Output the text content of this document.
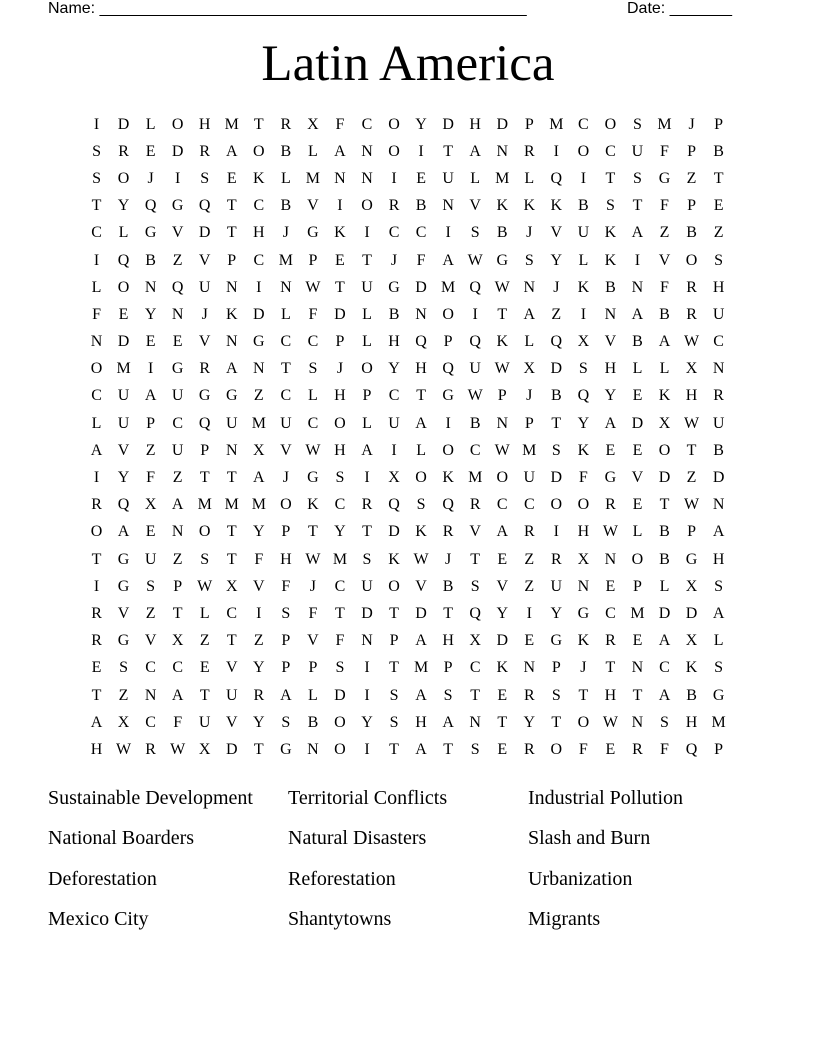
Name: ________________________________________________	Date: _______
Latin America
I	D	L	O H M T	R X	F	C O Y D H D	P M C O	S M	J	P
S	R	E	D R A O B	L	A N O	I	T	A N R	I	O C U	F	P	B
S	O	J	I	S	E	K	L M N N	I	E	U	L M L	Q	I	T	S	G	Z	T
T	Y Q G Q	T	C	B V	I	O R	B N V K K K B	S	T	F	P	E
C	L	G V D	T	H	J	G K	I	C	C	I	S	B	J	V U K A	Z	B	Z
I	Q B	Z	V	P	C M P	E	T	J	F	A W G	S	Y	L	K	I	V O	S
L	O N Q U N	I	N W T	U G D M Q W N	J	K B N	F	R H
F	E	Y N	J	K D	L	F	D	L	B N O	I	T	A	Z	I	N A B	R U
N D	E	E	V N G C	C	P	L	H Q	P	Q K	L	Q X V B A W C
O M	I	G R A N	T	S	J	O Y H Q U W X D	S	H	L	L	X N
C U A U G G	Z	C	L	H	P	C	T	G W P	J	B Q Y	E	K H R
L	U	P	C Q U M U C O	L	U A	I	B N	P	T	Y A D X W U
A V	Z	U	P	N X V W H A	I	L	O C W M S	K	E	E	O	T	B
I	Y	F	Z	T	T	A	J	G	S	I	X O K M O U D	F	G V D	Z	D
R Q X A M M M O K C	R Q	S	Q R	C	C O O R	E	T W N
O A	E	N O	T	Y	P	T	Y	T	D K R V A R	I	H W L	B	P	A
T	G U	Z	S	T	F	H W M S	K W	J	T	E	Z	R X N O B G H
I	G	S	P W X V	F	J	C U O V B	S	V	Z	U N	E	P	L	X	S
R V	Z	T	L	C	I	S	F	T	D	T	D	T	Q Y	I	Y G C M D D A
R G V X	Z	T	Z	P	V	F	N	P	A H X D	E	G K R	E	A X	L
E	S	C	C	E	V Y	P	P	S	I	T M P	C K N	P	J	T	N C K	S
T	Z	N A	T	U R A	L	D	I	S	A	S	T	E	R	S	T	H	T	A B G
A X C	F	U V Y	S	B O Y	S	H A N	T	Y	T	O W N	S	H M
H W R W X D	T	G N O	I	T	A	T	S	E	R O	F	E	R	F	Q	P
Sustainable Development	Territorial Conflicts	Industrial Pollution
National Boarders	Natural Disasters	Slash and Burn
Deforestation	Reforestation	Urbanization
Mexico City	Shantytowns	Migrants
